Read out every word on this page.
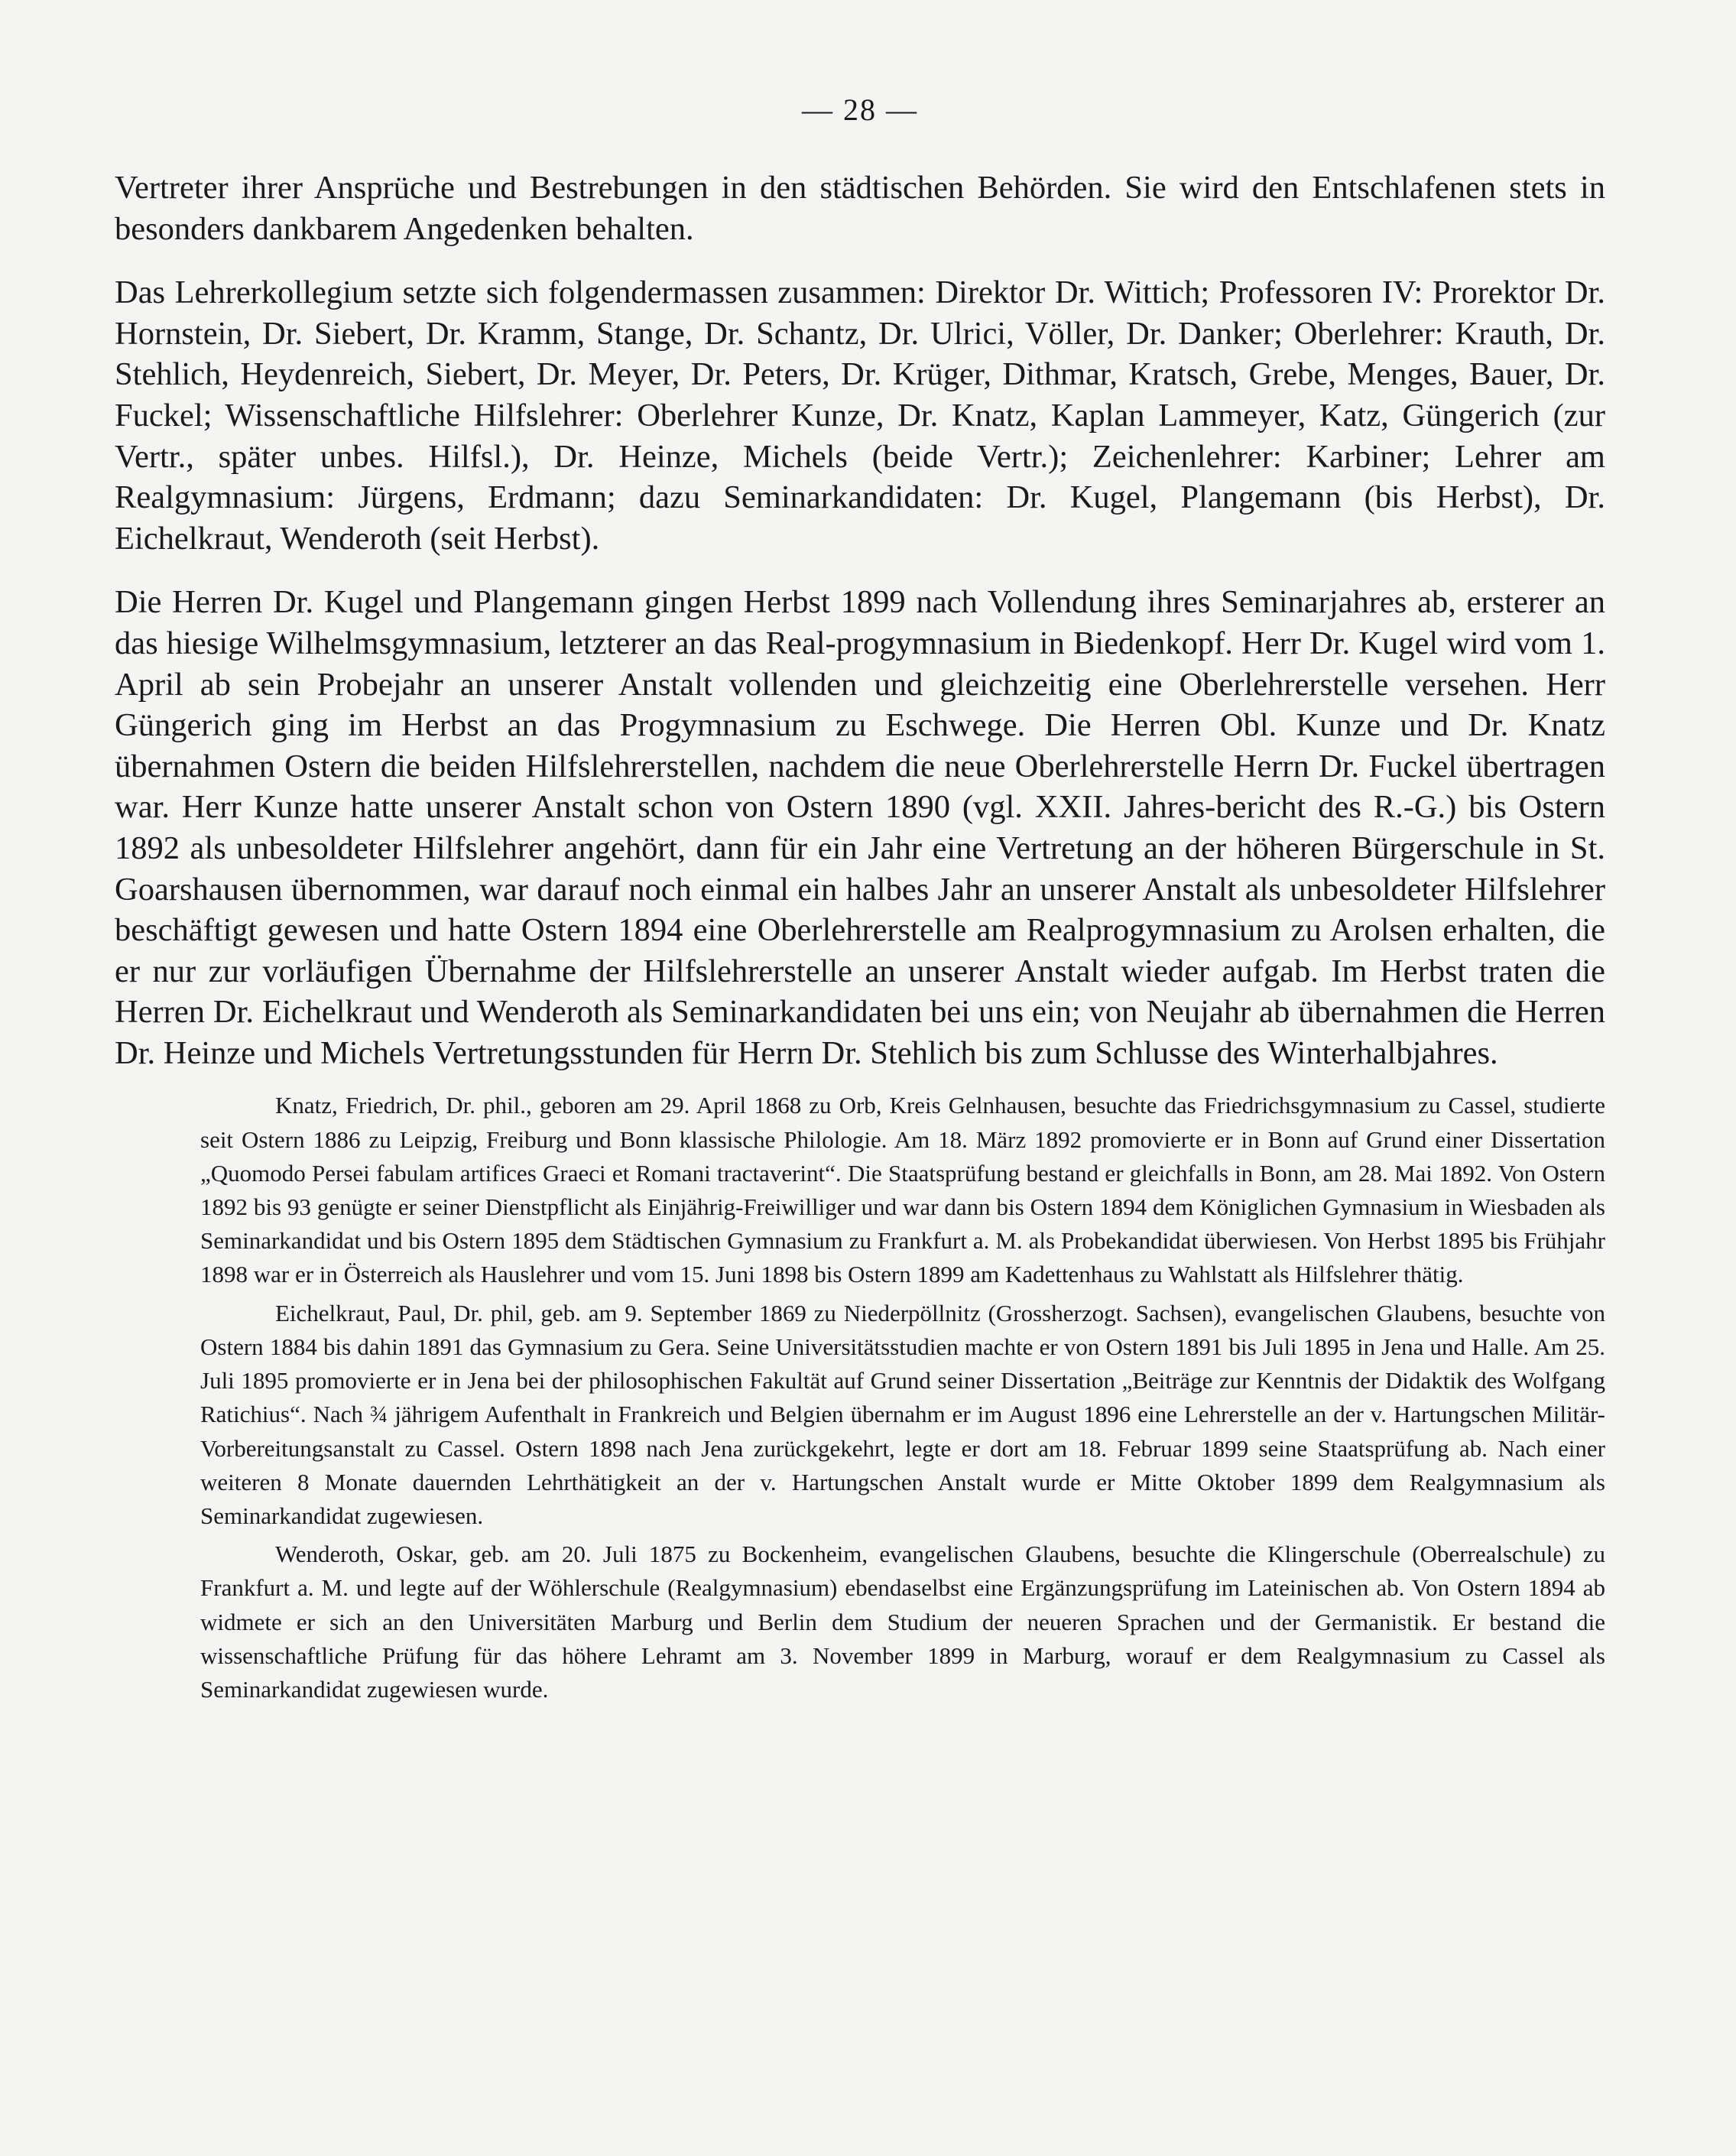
— 28 —

Vertreter ihrer Ansprüche und Bestrebungen in den städtischen Behörden. Sie wird den Entschlafenen stets in besonders dankbarem Angedenken behalten.

Das Lehrerkollegium setzte sich folgendermassen zusammen: Direktor Dr. Wittich; Professoren IV: Prorektor Dr. Hornstein, Dr. Siebert, Dr. Kramm, Stange, Dr. Schantz, Dr. Ulrici, Völler, Dr. Danker; Oberlehrer: Krauth, Dr. Stehlich, Heydenreich, Siebert, Dr. Meyer, Dr. Peters, Dr. Krüger, Dithmar, Kratsch, Grebe, Menges, Bauer, Dr. Fuckel; Wissenschaftliche Hilfslehrer: Oberlehrer Kunze, Dr. Knatz, Kaplan Lammeyer, Katz, Güngerich (zur Vertr., später unbes. Hilfsl.), Dr. Heinze, Michels (beide Vertr.); Zeichenlehrer: Karbiner; Lehrer am Realgymnasium: Jürgens, Erdmann; dazu Seminarkandidaten: Dr. Kugel, Plangemann (bis Herbst), Dr. Eichelkraut, Wenderoth (seit Herbst).

Die Herren Dr. Kugel und Plangemann gingen Herbst 1899 nach Vollendung ihres Seminarjahres ab, ersterer an das hiesige Wilhelmsgymnasium, letzterer an das Real-progymnasium in Biedenkopf. Herr Dr. Kugel wird vom 1. April ab sein Probejahr an unserer Anstalt vollenden und gleichzeitig eine Oberlehrerstelle versehen. Herr Güngerich ging im Herbst an das Progymnasium zu Eschwege. Die Herren Obl. Kunze und Dr. Knatz übernahmen Ostern die beiden Hilfslehrerstellen, nachdem die neue Oberlehrerstelle Herrn Dr. Fuckel übertragen war. Herr Kunze hatte unserer Anstalt schon von Ostern 1890 (vgl. XXII. Jahres-bericht des R.-G.) bis Ostern 1892 als unbesoldeter Hilfslehrer angehört, dann für ein Jahr eine Vertretung an der höheren Bürgerschule in St. Goarshausen übernommen, war darauf noch einmal ein halbes Jahr an unserer Anstalt als unbesoldeter Hilfslehrer beschäftigt gewesen und hatte Ostern 1894 eine Oberlehrerstelle am Realprogymnasium zu Arolsen erhalten, die er nur zur vorläufigen Übernahme der Hilfslehrerstelle an unserer Anstalt wieder aufgab. Im Herbst traten die Herren Dr. Eichelkraut und Wenderoth als Seminarkandidaten bei uns ein; von Neujahr ab übernahmen die Herren Dr. Heinze und Michels Vertretungsstunden für Herrn Dr. Stehlich bis zum Schlusse des Winterhalbjahres.

Knatz, Friedrich, Dr. phil., geboren am 29. April 1868 zu Orb, Kreis Gelnhausen, besuchte das Friedrichsgymnasium zu Cassel, studierte seit Ostern 1886 zu Leipzig, Freiburg und Bonn klassische Philologie. Am 18. März 1892 promovierte er in Bonn auf Grund einer Dissertation „Quomodo Persei fabulam artifices Graeci et Romani tractaverint“. Die Staatsprüfung bestand er gleichfalls in Bonn, am 28. Mai 1892. Von Ostern 1892 bis 93 genügte er seiner Dienstpflicht als Einjährig-Freiwilliger und war dann bis Ostern 1894 dem Königlichen Gymnasium in Wiesbaden als Seminarkandidat und bis Ostern 1895 dem Städtischen Gymnasium zu Frankfurt a. M. als Probekandidat überwiesen. Von Herbst 1895 bis Frühjahr 1898 war er in Österreich als Hauslehrer und vom 15. Juni 1898 bis Ostern 1899 am Kadettenhaus zu Wahlstatt als Hilfslehrer thätig.

Eichelkraut, Paul, Dr. phil, geb. am 9. September 1869 zu Niederpöllnitz (Grossherzogt. Sachsen), evangelischen Glaubens, besuchte von Ostern 1884 bis dahin 1891 das Gymnasium zu Gera. Seine Universitätsstudien machte er von Ostern 1891 bis Juli 1895 in Jena und Halle. Am 25. Juli 1895 promovierte er in Jena bei der philosophischen Fakultät auf Grund seiner Dissertation „Beiträge zur Kenntnis der Didaktik des Wolfgang Ratichius“. Nach ¾ jährigem Aufenthalt in Frankreich und Belgien übernahm er im August 1896 eine Lehrerstelle an der v. Hartungschen Militär-Vorbereitungsanstalt zu Cassel. Ostern 1898 nach Jena zurückgekehrt, legte er dort am 18. Februar 1899 seine Staatsprüfung ab. Nach einer weiteren 8 Monate dauernden Lehrthätigkeit an der v. Hartungschen Anstalt wurde er Mitte Oktober 1899 dem Realgymnasium als Seminarkandidat zugewiesen.

Wenderoth, Oskar, geb. am 20. Juli 1875 zu Bockenheim, evangelischen Glaubens, besuchte die Klingerschule (Oberrealschule) zu Frankfurt a. M. und legte auf der Wöhlerschule (Realgymnasium) ebendaselbst eine Ergänzungsprüfung im Lateinischen ab. Von Ostern 1894 ab widmete er sich an den Universitäten Marburg und Berlin dem Studium der neueren Sprachen und der Germanistik. Er bestand die wissenschaftliche Prüfung für das höhere Lehramt am 3. November 1899 in Marburg, worauf er dem Realgymnasium zu Cassel als Seminarkandidat zugewiesen wurde.
